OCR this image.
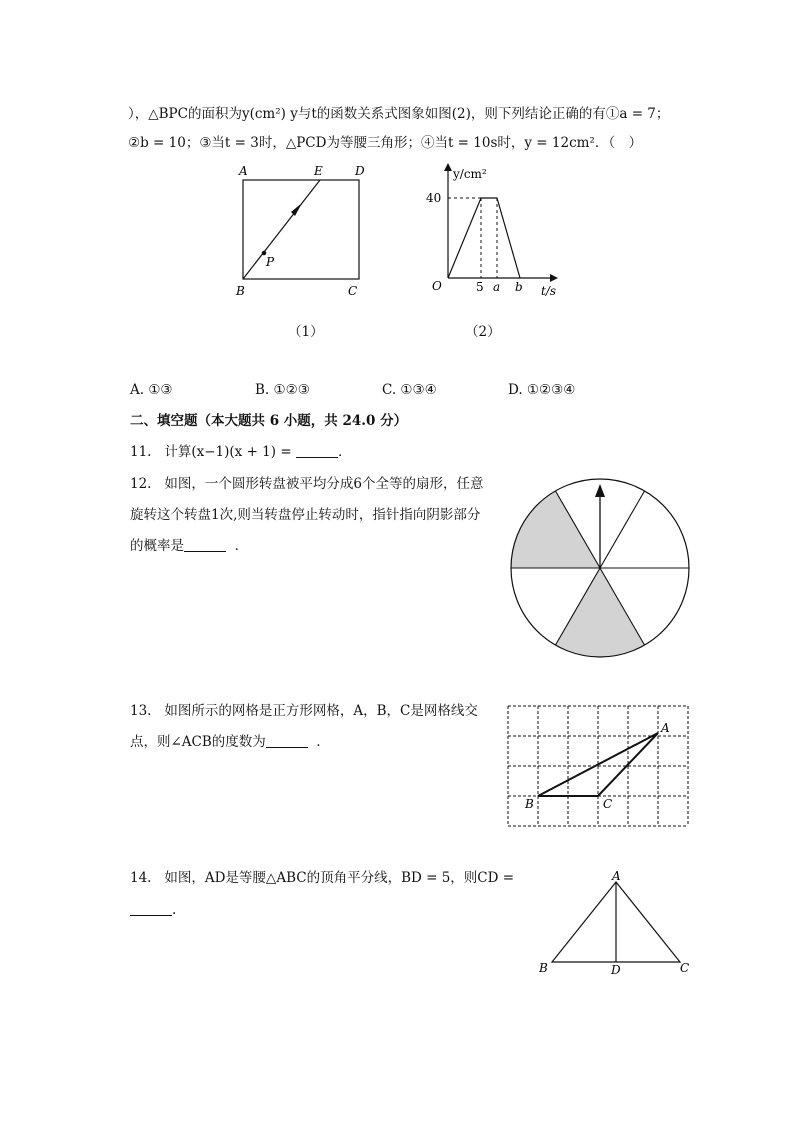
），△BPC的面积为y(cm²) y与t的函数关系式图象如图(2)，则下列结论正确的有①a = 7；
②b = 10；③当t = 3时，△PCD为等腰三角形；④当t = 10s时，y = 12cm²．（　）
A	E	D
P
B	C
（1）
y/cm²
40
O	5 a b t/s
（2）
A. ①③	B. ①②③	C. ①③④	D. ①②③④
二、填空题（本大题共 6 小题，共 24.0 分）
11. 计算(x−1)(x + 1) =	．
12. 如图，一个圆形转盘被平均分成6个全等的扇形，任意
旋转这个转盘1次,则当转盘停止转动时，指针指向阴影部分
的概率是	．
13. 如图所示的网格是正方形网格，A，B，C是网格线交
点，则∠ACB的度数为	．
A
B	C
14. 如图，AD是等腰△ABC的顶角平分线，BD = 5，则CD =
.
A
B	D	C
